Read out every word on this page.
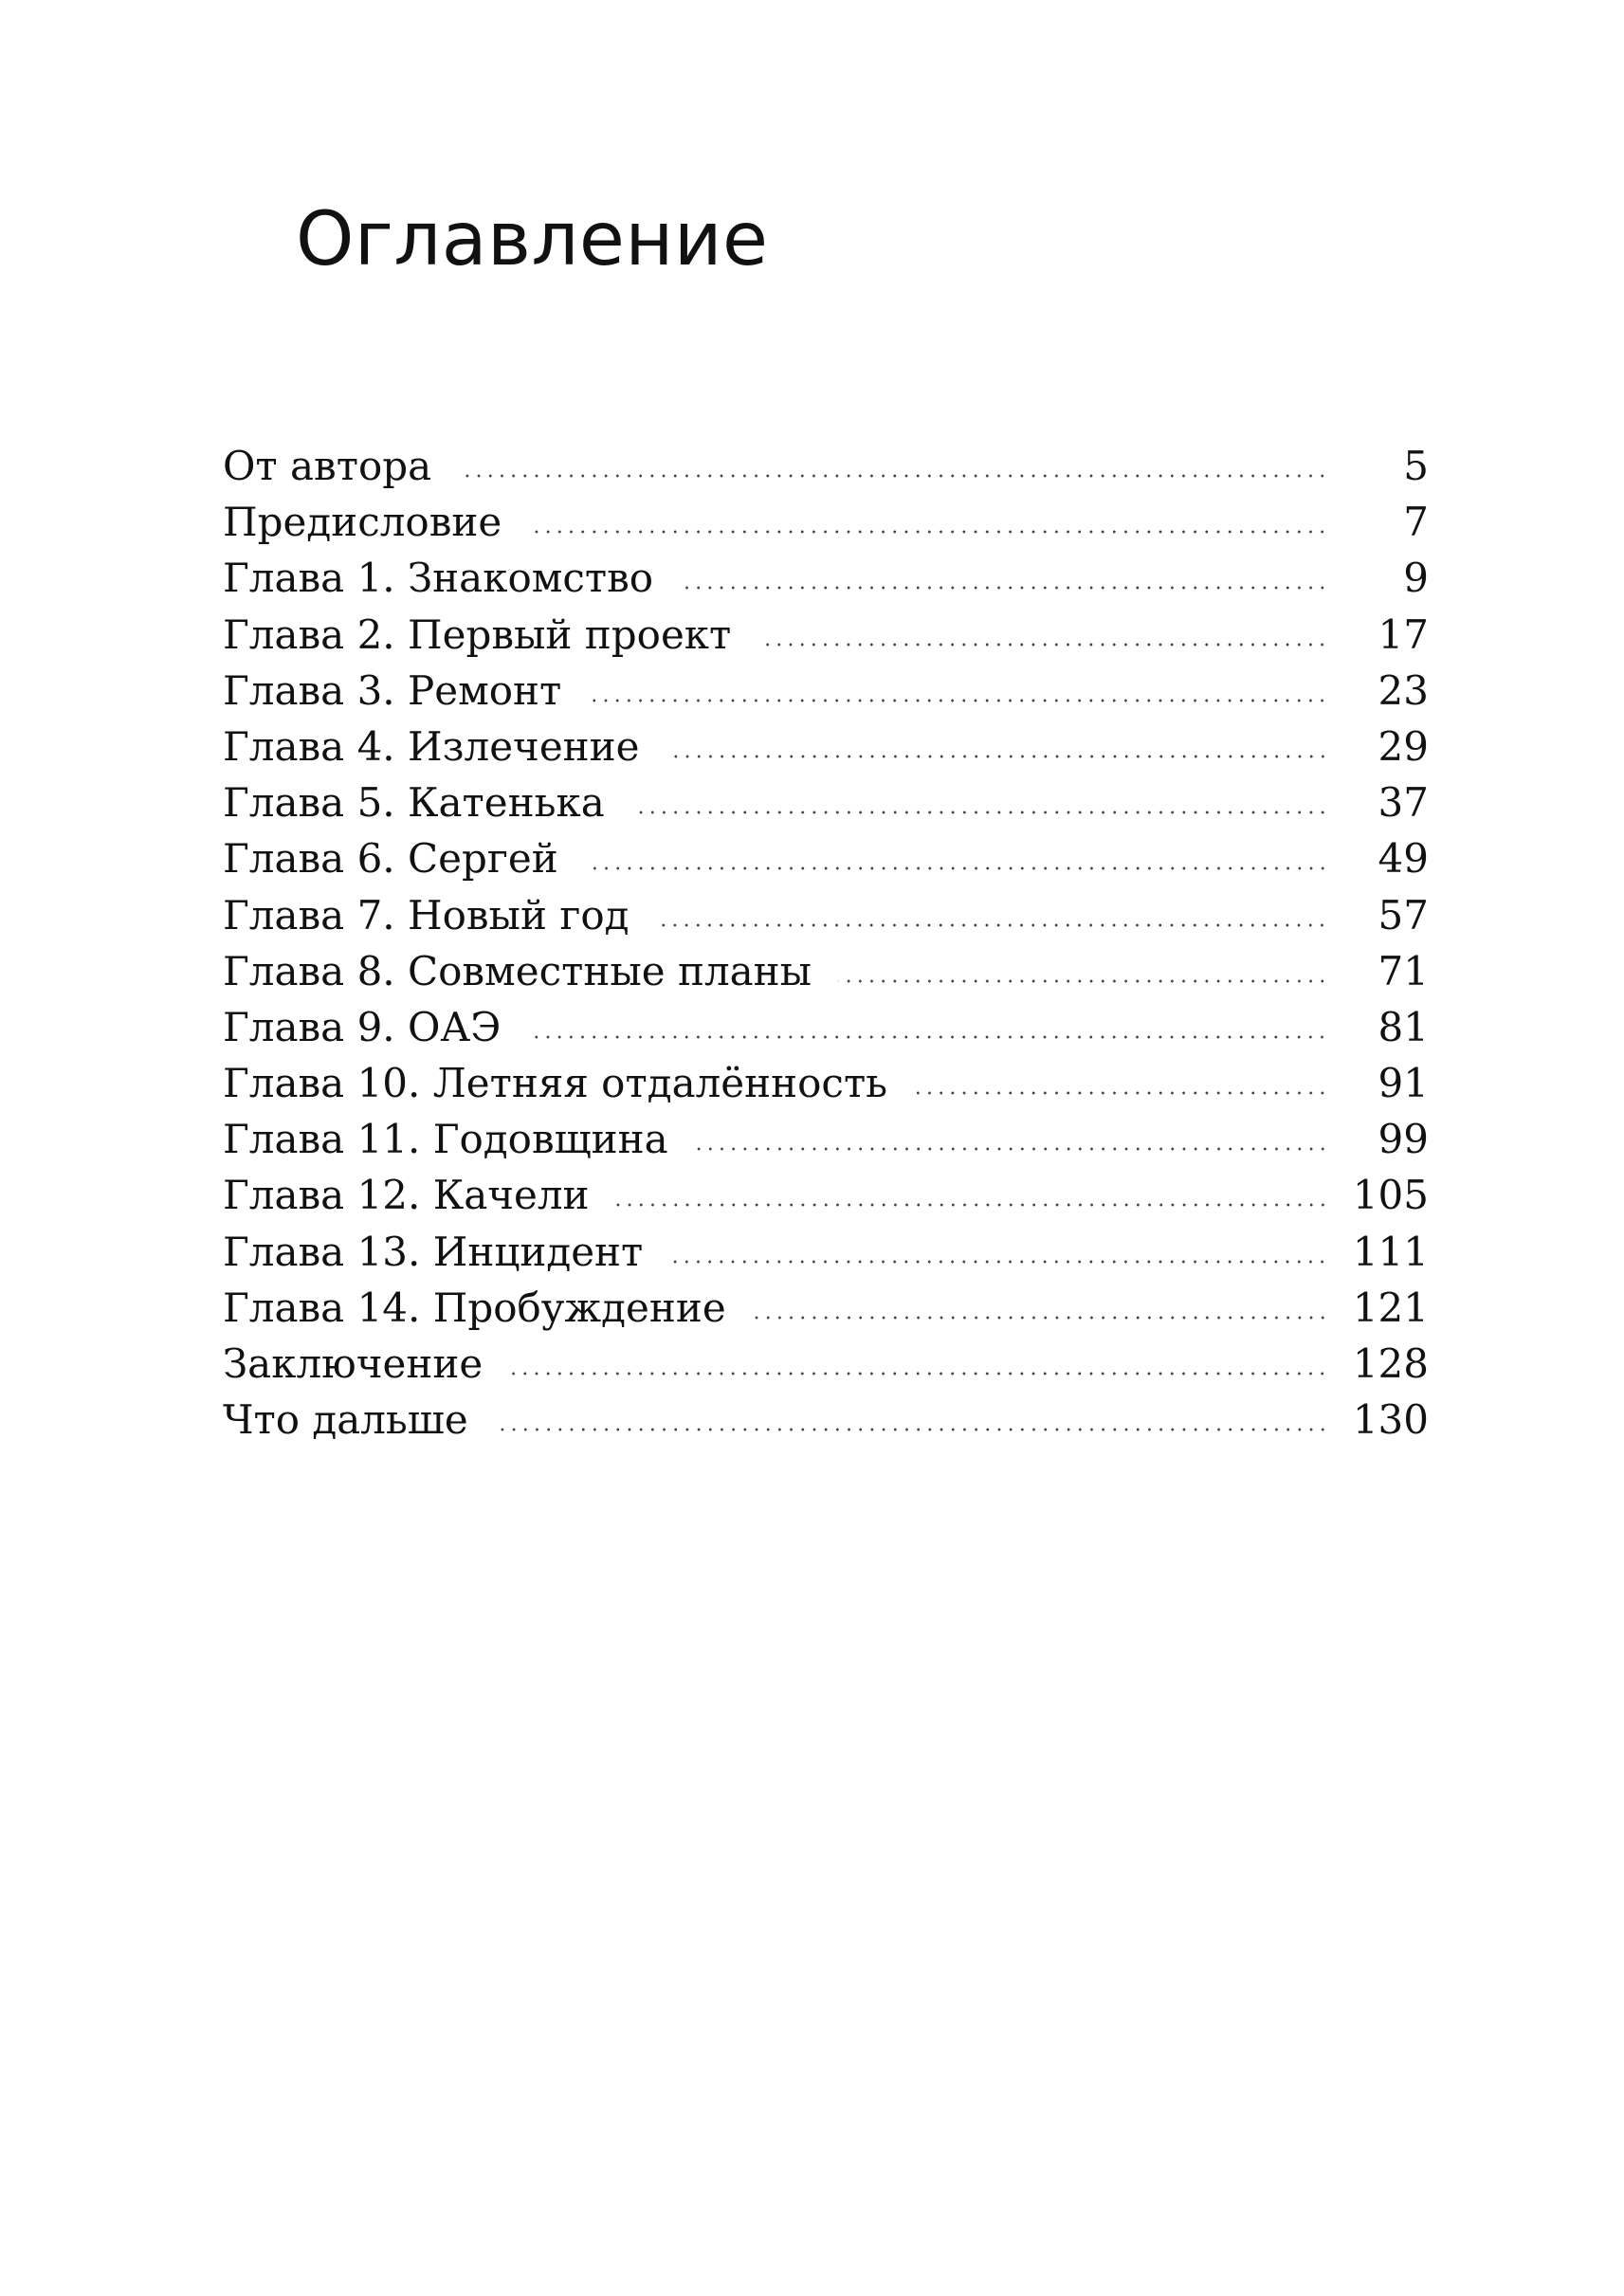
Оглавление
От автора	5
Предисловие	7
Глава 1. Знакомство	9
Глава 2. Первый проект	17
Глава 3. Ремонт	23
Глава 4. Излечение	29
Глава 5. Катенька	37
Глава 6. Сергей	49
Глава 7. Новый год	57
Глава 8. Совместные планы	71
Глава 9. ОАЭ	81
Глава 10. Летняя отдалённость	91
Глава 11. Годовщина	99
Глава 12. Качели	105
Глава 13. Инцидент	111
Глава 14. Пробуждение	121
Заключение	128
Что дальше	130
